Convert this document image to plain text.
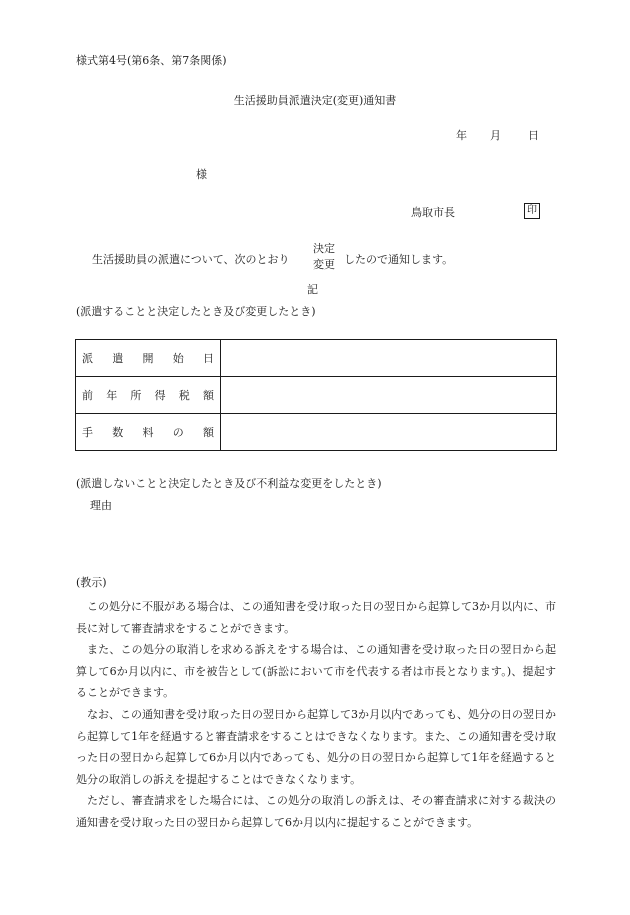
様式第4号(第6条、第7条関係)
生活援助員派遣決定(変更)通知書
年 月 日
様
鳥取市長	印
生活援助員の派遣について、次のとおり
決定
変更 したので通知します。
記
(派遣することと決定したとき及び変更したとき)
派遣開始日	

前年所得税額	

手数料の額	

(派遣しないことと決定したとき及び不利益な変更をしたとき)
理由
(教示)

この処分に不服がある場合は、この通知書を受け取った日の翌日から起算して3か月以内に、市長に対して審査請求をすることができます。

また、この処分の取消しを求める訴えをする場合は、この通知書を受け取った日の翌日から起算して6か月以内に、市を被告として(訴訟において市を代表する者は市長となります。)、提起することができます。

なお、この通知書を受け取った日の翌日から起算して3か月以内であっても、処分の日の翌日から起算して1年を経過すると審査請求をすることはできなくなります。また、この通知書を受け取った日の翌日から起算して6か月以内であっても、処分の日の翌日から起算して1年を経過すると処分の取消しの訴えを提起することはできなくなります。

ただし、審査請求をした場合には、この処分の取消しの訴えは、その審査請求に対する裁決の通知書を受け取った日の翌日から起算して6か月以内に提起することができます。
